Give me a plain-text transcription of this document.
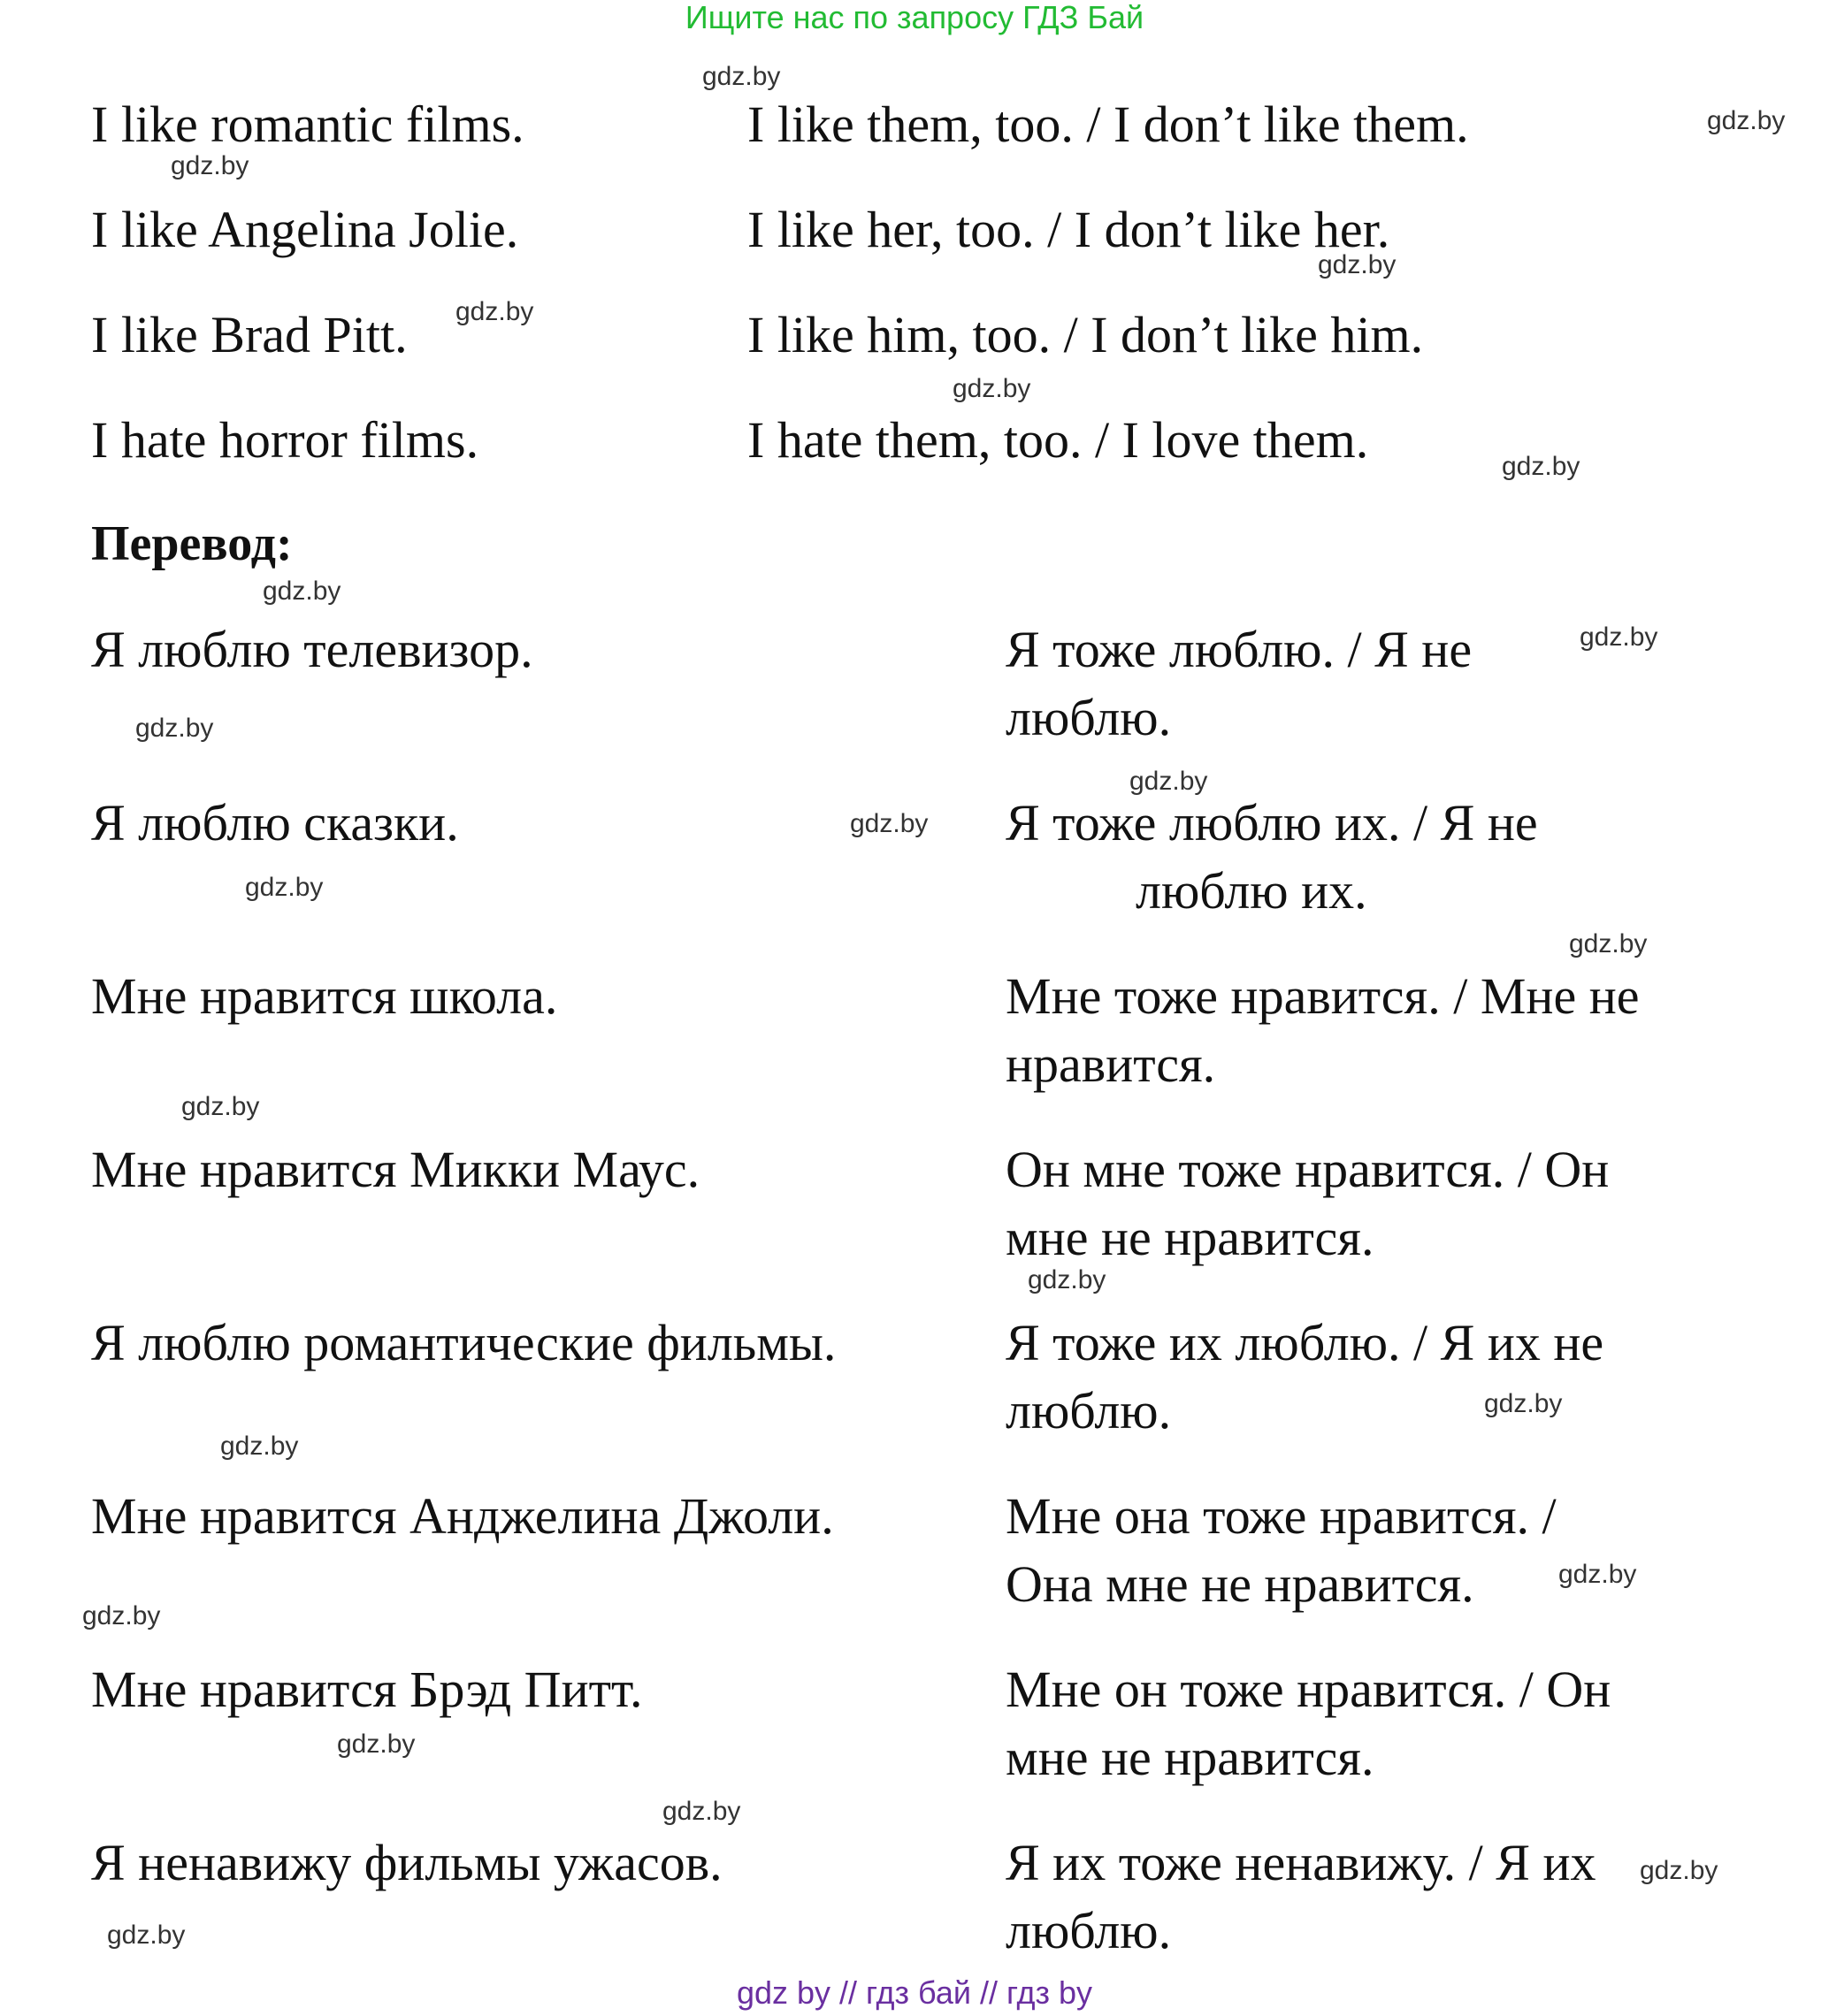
Ищите нас по запросу ГДЗ Бай
I like romantic films.	I like them, too. / I don’t like them.
I like Angelina Jolie.	I like her, too. / I don’t like her.
I like Brad Pitt.	I like him, too. / I don’t like him.
I hate horror films.	I hate them, too. / I love them.
Перевод:
Я люблю телевизор.	Я тоже люблю. / Я не
люблю.
Я люблю сказки.	Я тоже люблю их. / Я не
люблю их.
Мне нравится школа.	Мне тоже нравится. / Мне не
нравится.
Мне нравится Микки Маус.	Он мне тоже нравится. / Он
мне не нравится.
Я люблю романтические фильмы.	Я тоже их люблю. / Я их не
люблю.
Мне нравится Анджелина Джоли.	Мне она тоже нравится. /
Она мне не нравится.
Мне нравится Брэд Питт.	Мне он тоже нравится. / Он
мне не нравится.
Я ненавижу фильмы ужасов.	Я их тоже ненавижу. / Я их
люблю.
gdz.by
gdz.by
gdz.by
gdz.by
gdz.by
gdz.by
gdz.by
gdz.by
gdz.by
gdz.by
gdz.by
gdz.by
gdz.by
gdz.by
gdz.by
gdz.by
gdz.by
gdz.by
gdz.by
gdz.by
gdz.by
gdz.by
gdz.by
gdz.by
gdz by // гдз бай // гдз by
